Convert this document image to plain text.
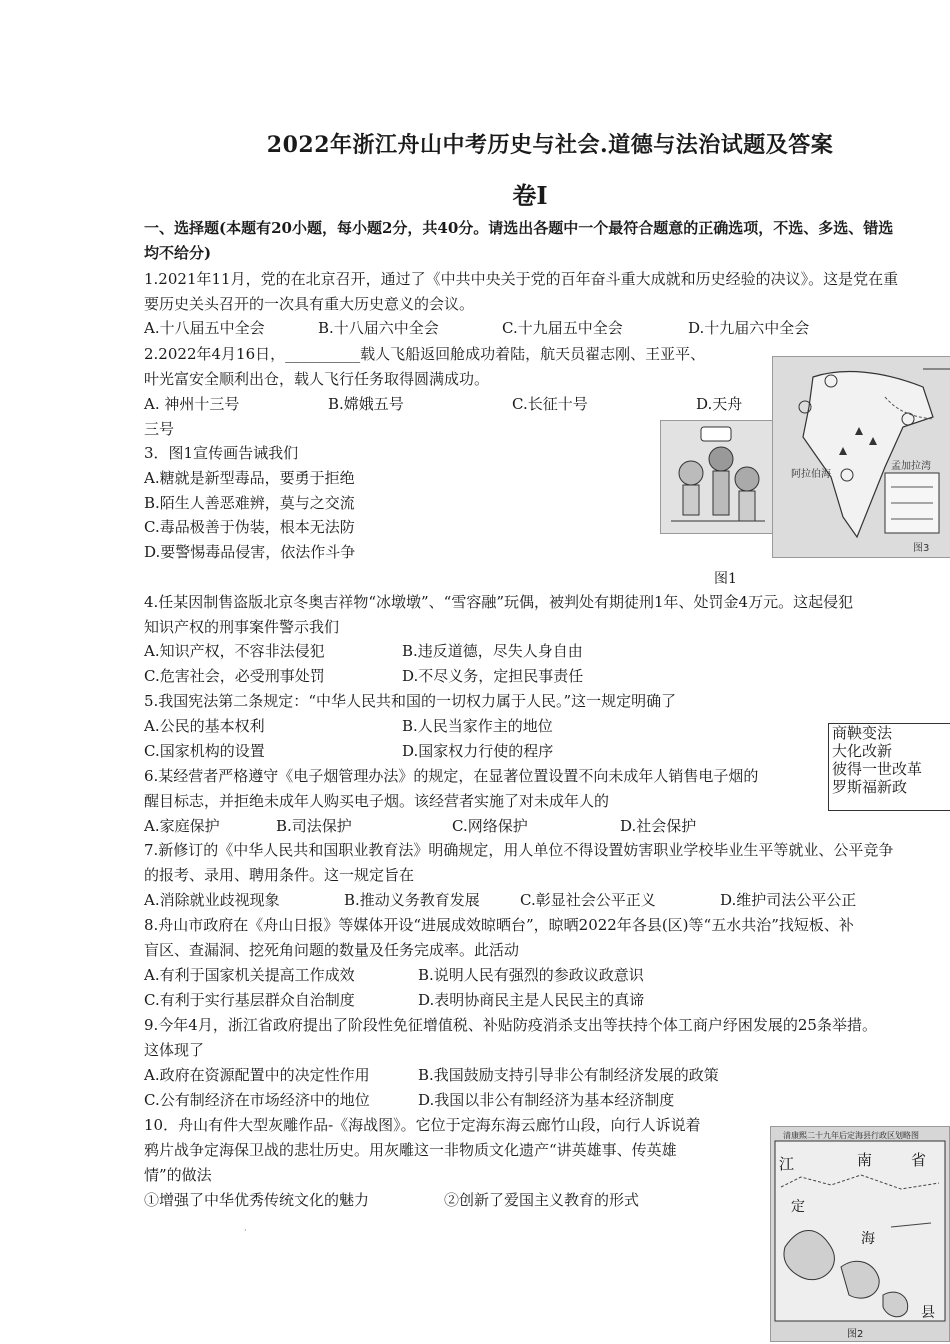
2022年浙江舟山中考历史与社会.道德与法治试题及答案
卷Ⅰ
一、选择题(本题有20小题，每小题2分，共40分。请选出各题中一个最符合题意的正确选项，不选、多选、错选
均不给分)
1.2021年11月，党的在北京召开，通过了《中共中央关于党的百年奋斗重大成就和历史经验的决议》。这是党在重
要历史关头召开的一次具有重大历史意义的会议。
A.十八届五中全会	B.十八届六中全会	C.十九届五中全会	D.十九届六中全会
2.2022年4月16日，__________载人飞船返回舱成功着陆，航天员翟志刚、王亚平、
叶光富安全顺利出仓，载人飞行任务取得圆满成功。
A. 神州十三号	B.嫦娥五号	C.长征十号	D.天舟
三号
3．图1宣传画告诫我们
A.糖就是新型毒品，要勇于拒绝
B.陌生人善恶难辨，莫与之交流
C.毒品极善于伪装，根本无法防
D.要警惕毒品侵害，依法作斗争
孟加拉湾
阿拉伯海
图3
图1
4.任某因制售盗版北京冬奥吉祥物“冰墩墩”、“雪容融”玩偶，被判处有期徒刑1年、处罚金4万元。这起侵犯
知识产权的刑事案件警示我们
A.知识产权，不容非法侵犯	B.违反道德，尽失人身自由
C.危害社会，必受刑事处罚	D.不尽义务，定担民事责任
5.我国宪法第二条规定：“中华人民共和国的一切权力属于人民。”这一规定明确了
A.公民的基本权利	B.人民当家作主的地位
C.国家机构的设置	D.国家权力行使的程序
商鞅变法
大化改新
彼得一世改革
罗斯福新政
6.某经营者严格遵守《电子烟管理办法》的规定，在显著位置设置不向未成年人销售电子烟的
醒目标志，并拒绝未成年人购买电子烟。该经营者实施了对未成年人的
A.家庭保护	B.司法保护	C.网络保护	D.社会保护
7.新修订的《中华人民共和国职业教育法》明确规定，用人单位不得设置妨害职业学校毕业生平等就业、公平竞争
的报考、录用、聘用条件。这一规定旨在
A.消除就业歧视现象	B.推动义务教育发展	C.彰显社会公平正义	D.维护司法公平公正
8.舟山市政府在《舟山日报》等媒体开设“进展成效晾晒台”，晾晒2022年各县(区)等“五水共治”找短板、补
盲区、查漏洞、挖死角问题的数量及任务完成率。此活动
A.有利于国家机关提高工作成效	B.说明人民有强烈的参政议政意识
C.有利于实行基层群众自治制度	D.表明协商民主是人民民主的真谛
9.今年4月，浙江省政府提出了阶段性免征增值税、补贴防疫消杀支出等扶持个体工商户纾困发展的25条举措。
这体现了
A.政府在资源配置中的决定性作用	B.我国鼓励支持引导非公有制经济发展的政策
C.公有制经济在市场经济中的地位	D.我国以非公有制经济为基本经济制度
10．舟山有件大型灰雕作品-《海战图》。它位于定海东海云廊竹山段，向行人诉说着
鸦片战争定海保卫战的悲壮历史。用灰雕这一非物质文化遗产“讲英雄事、传英雄
情”的做法
①增强了中华优秀传统文化的魅力	②创新了爱国主义教育的形式
·
清康熙二十九年后定海县行政区划略图
江	南	省
定
海
县
图2
